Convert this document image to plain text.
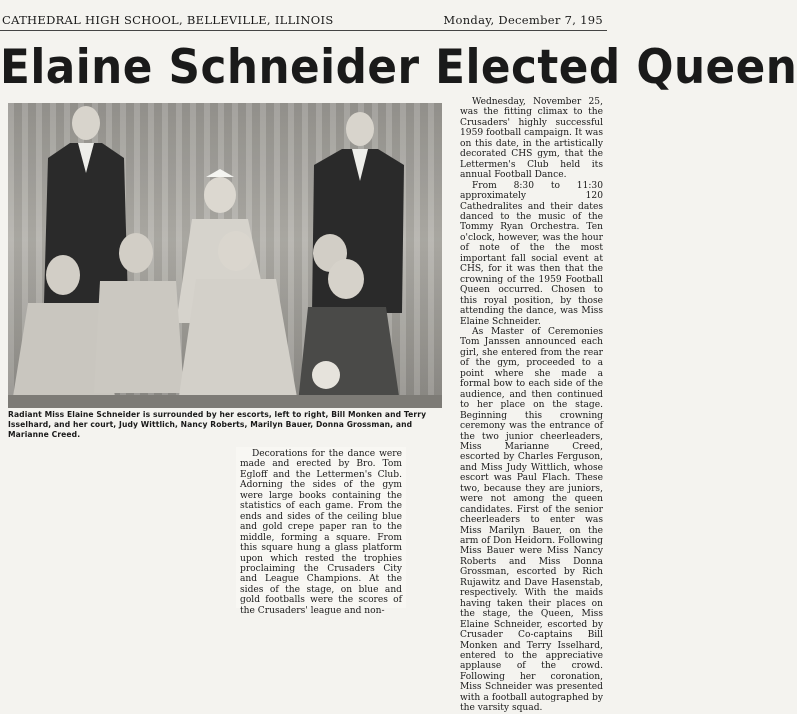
CATHEDRAL HIGH SCHOOL, BELLEVILLE, ILLINOIS	Monday, December 7, 195
Elaine Schneider Elected Queen
Radiant Miss Elaine Schneider is surrounded by her escorts, left to right, Bill Monken and Terry Isselhard, and her court, Judy Wittlich, Nancy Roberts, Marilyn Bauer, Donna Grossman, and Marianne Creed.

Wednesday, November 25, was the fitting climax to the Crusaders' highly successful 1959 football campaign. It was on this date, in the artistically decorated CHS gym, that the Lettermen's Club held its annual Football Dance.

From 8:30 to 11:30 approximately 120 Cathedralites and their dates danced to the music of the Tommy Ryan Orchestra. Ten o'clock, however, was the hour of note of the the most important fall social event at CHS, for it was then that the crowning of the 1959 Football Queen occurred. Chosen to this royal position, by those attending the dance, was Miss Elaine Schneider.

As Master of Ceremonies Tom Janssen announced each girl, she entered from the rear of the gym, proceeded to a point where she made a formal bow to each side of the audience, and then continued to her place on the stage. Beginning this crowning ceremony was the entrance of the two junior cheerleaders, Miss Marianne Creed, escorted by Charles Ferguson, and Miss Judy Wittlich, whose escort was Paul Flach. These two, because they are juniors, were not among the queen candidates. First of the senior cheerleaders to enter was Miss Marilyn Bauer, on the arm of Don Heidorn. Following Miss Bauer were Miss Nancy Roberts and Miss Donna Grossman, escorted by Rich Rujawitz and Dave Hasenstab, respectively. With the maids having taken their places on the stage, the Queen, Miss Elaine Schneider, escorted by Crusader Co-captains Bill Monken and Terry Isselhard, entered to the appreciative applause of the crowd. Following her coronation, Miss Schneider was presented with a football autographed by the varsity squad.

Decorations for the dance were made and erected by Bro. Tom Egloff and the Lettermen's Club. Adorning the sides of the gym were large books containing the statistics of each game. From the ends and sides of the ceiling blue and gold crepe paper ran to the middle, forming a square. From this square hung a glass platform upon which rested the trophies proclaiming the Crusaders City and League Champions. At the sides of the stage, on blue and gold footballs were the scores of the Crusaders' league and non-
